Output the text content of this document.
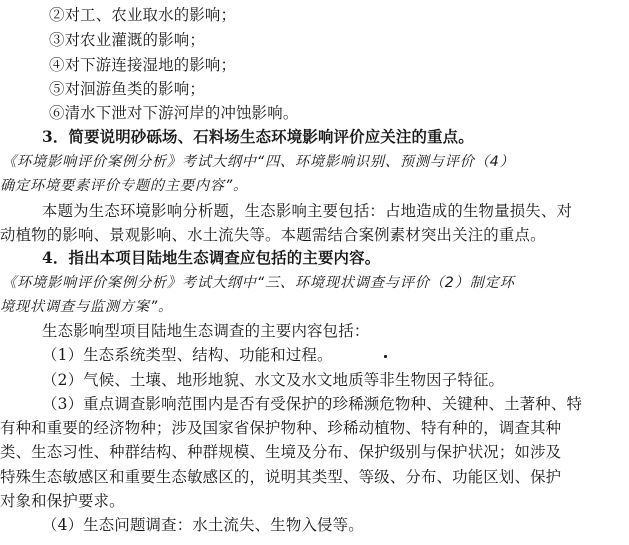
②对工、农业取水的影响；
③对农业灌溉的影响；
④对下游连接湿地的影响；
⑤对洄游鱼类的影响；
⑥清水下泄对下游河岸的冲蚀影响。
3．简要说明砂砾场、石料场生态环境影响评价应关注的重点。
《环境影响评价案例分析》考试大纲中“四、环境影响识别、预测与评价（4）
确定环境要素评价专题的主要内容”。
本题为生态环境影响分析题，生态影响主要包括：占地造成的生物量损失、对
动植物的影响、景观影响、水土流失等。本题需结合案例素材突出关注的重点。
4．指出本项目陆地生态调查应包括的主要内容。
《环境影响评价案例分析》考试大纲中“三、环境现状调查与评价（2）制定环
境现状调查与监测方案”。
生态影响型项目陆地生态调查的主要内容包括：
（1）生态系统类型、结构、功能和过程。
（2）气候、土壤、地形地貌、水文及水文地质等非生物因子特征。
（3）重点调查影响范围内是否有受保护的珍稀濒危物种、关键种、土著种、特
有种和重要的经济物种；涉及国家省保护物种、珍稀动植物、特有种的，调查其种
类、生态习性、种群结构、种群规模、生境及分布、保护级别与保护状况；如涉及
特殊生态敏感区和重要生态敏感区的，说明其类型、等级、分布、功能区划、保护
对象和保护要求。
（4）生态问题调查：水土流失、生物入侵等。
